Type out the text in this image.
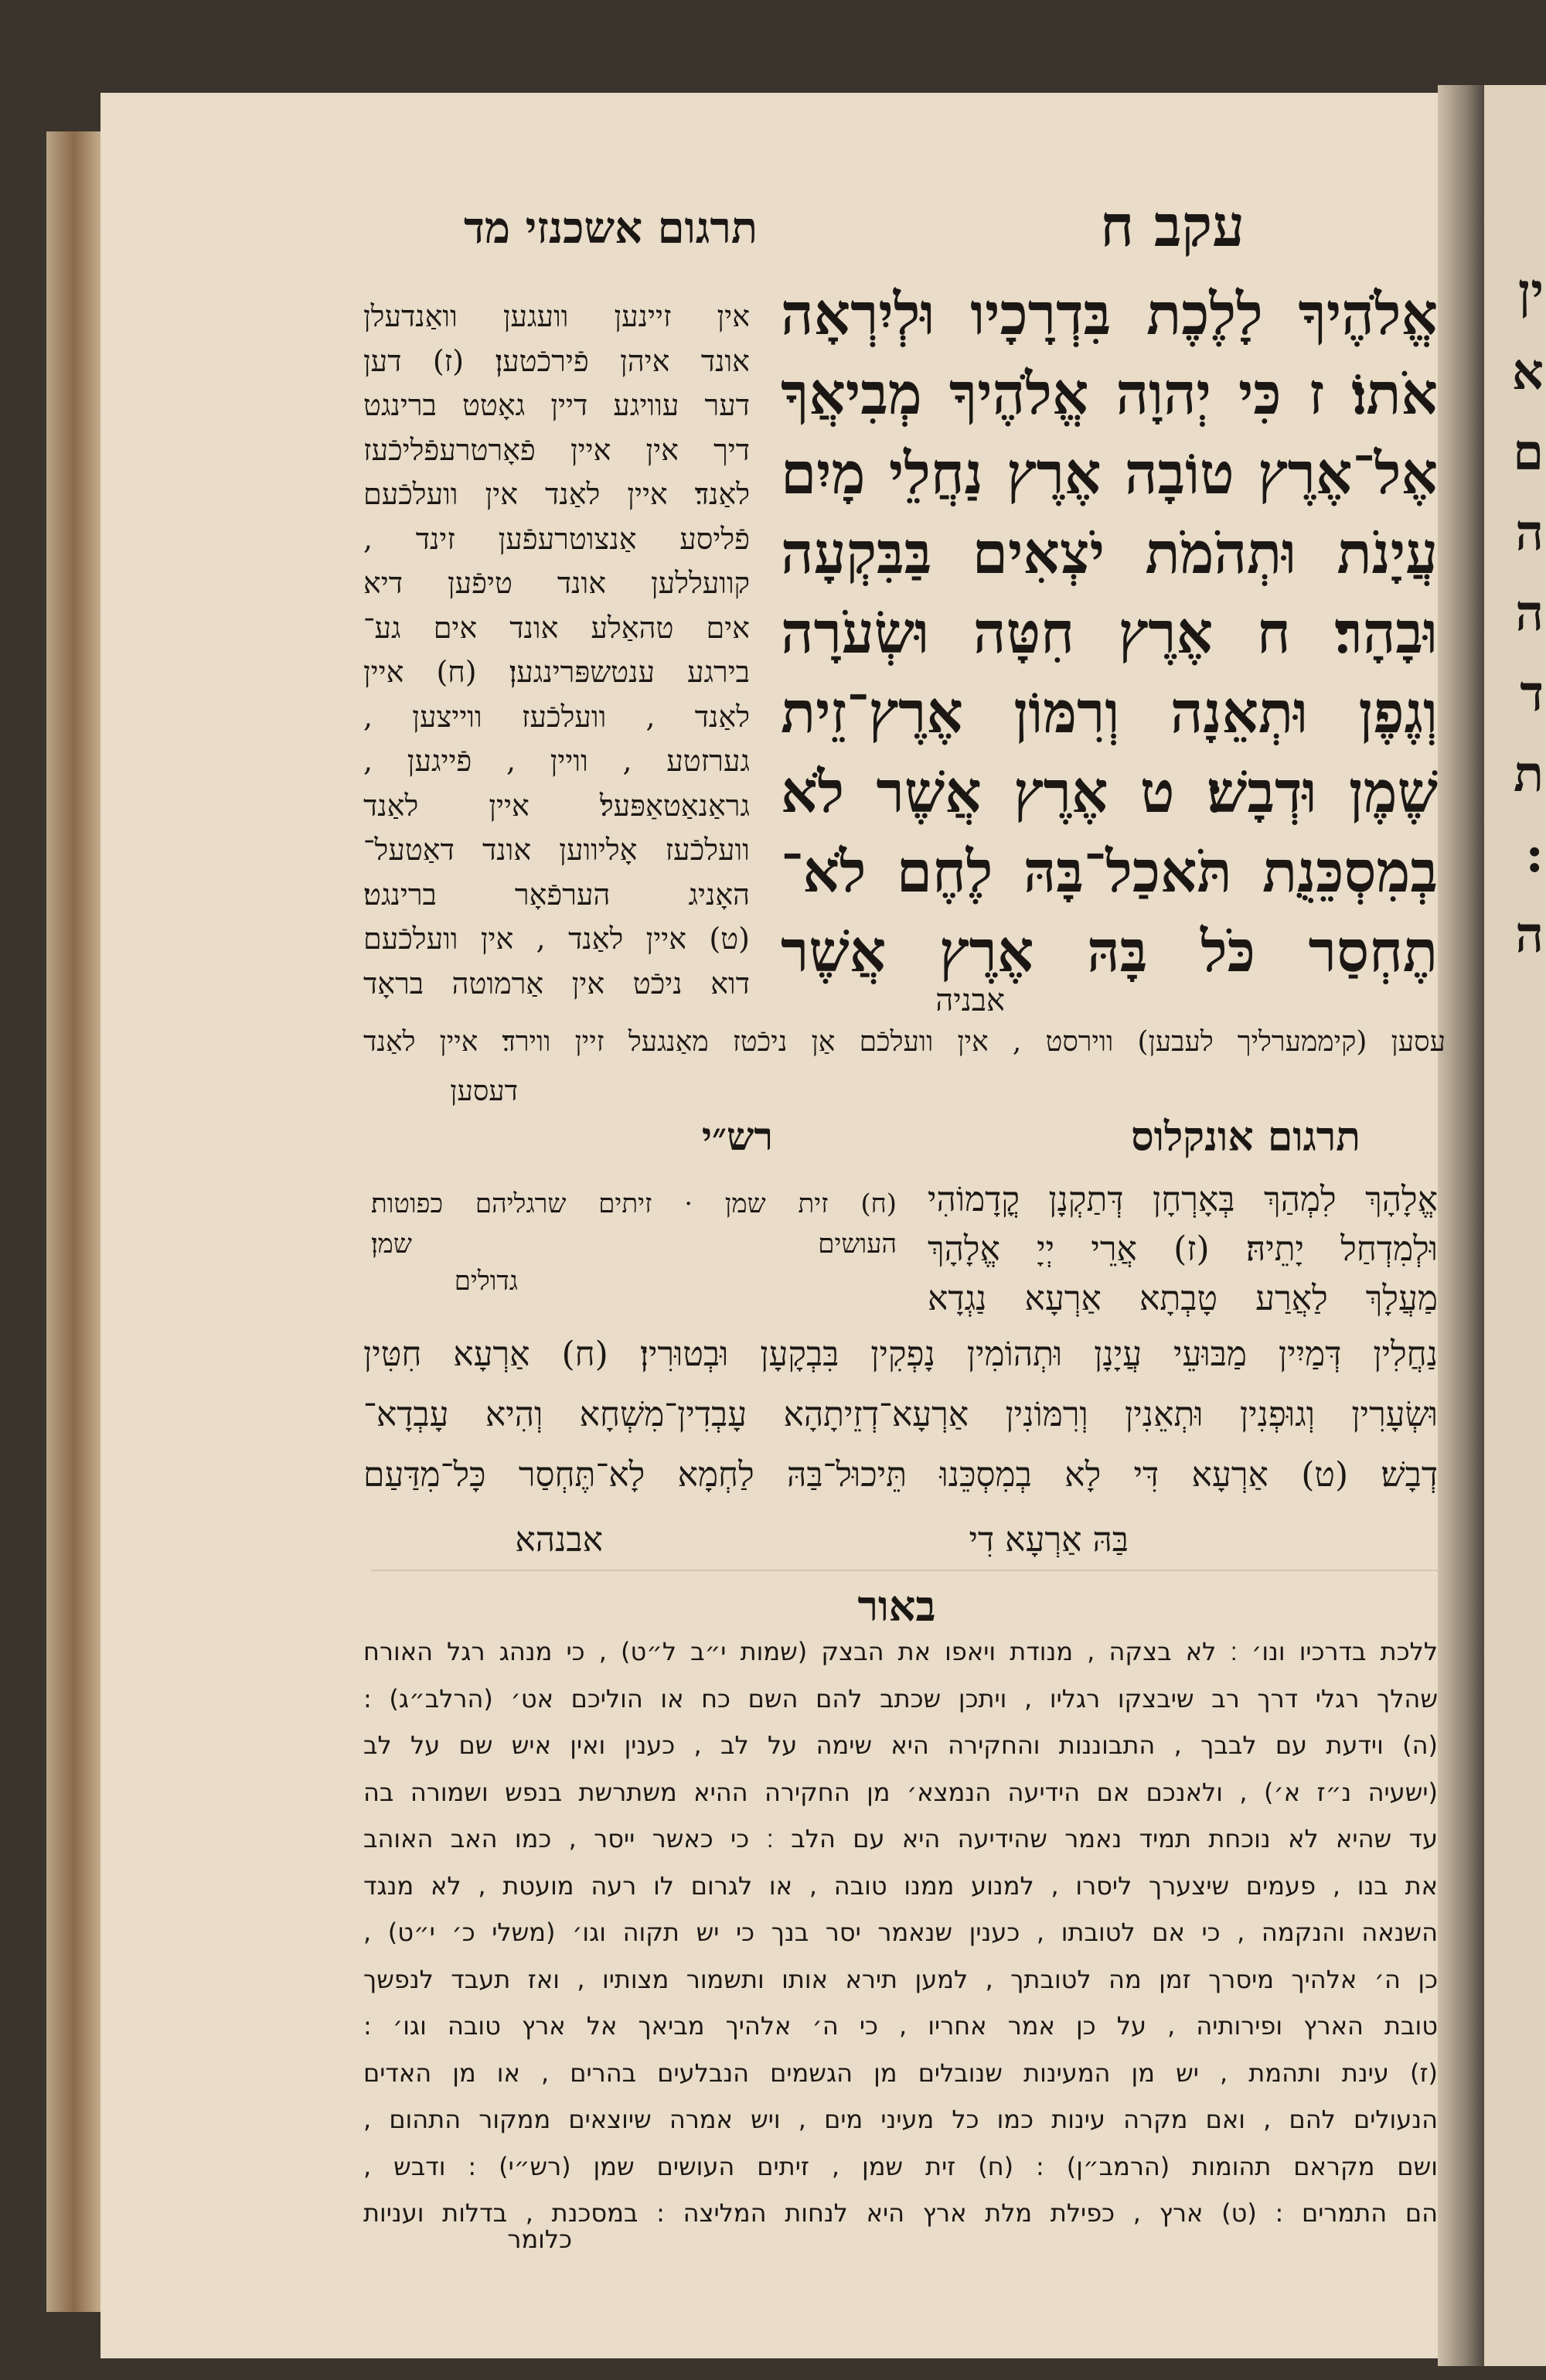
עקב ח
תרגום אשכנזי מד
אֱלֹהֶיךָ לָלֶכֶת בִּדְרָכָיו וּלְיִרְאָה
אֹתוֹ׃ ז כִּי יְהוָה אֱלֹהֶיךָ מְבִיאֲךָ
אֶל־אֶרֶץ טוֹבָה אֶרֶץ נַחֲלֵי מָיִם
עֲיָנֹת וּתְהֹמֹת יֹצְאִים בַּבִּקְעָה
וּבָהָר׃ ח אֶרֶץ חִטָּה וּשְׂעֹרָה
וְגֶפֶן וּתְאֵנָה וְרִמּוֹן אֶרֶץ־זֵית
שֶׁמֶן וּדְבָשׁ׃ ט אֶרֶץ אֲשֶׁר לֹא
בְמִסְכֵּנֻת תֹּאכַל־בָּהּ לֶחֶם לֹא־
תֶחְסַר כֹּל בָּהּ אֶרֶץ אֲשֶׁר
אבניה
אין זיינען וועגען וואַנדעלן
אונד איהן פֿירכֿטען׃ (ז) דען
דער עוויגע דיין גאָטט ברינגט
דיך אין איין פֿאָרטרעפֿליכֿעז
לאַנד׃ איין לאַנד אין וועלכֿעם
פֿליסע אַנצוטרעפֿען זינד ,
קוועללען אונד טיפֿען דיא
אים טהאַלע אונד אים גע־
בירגע ענטשפּרינגען׃ (ח) איין
לאַנד , וועלכֿעז ווייצען ,
גערזטע , וויין , פֿייגען ,
גראַנאַטאַפּעל׃ איין לאַנד
וועלכֿעז אָליווען אונד דאַטעל־
האָניג הערפֿאָר ברינגט׃
(ט) איין לאַנד , אין וועלכֿעם
דוא ניכֿט אין אַרמוטה בראָד
עסען (קיממערליך לעבען) ווירסט , אין וועלכֿם אַן ניכֿטז מאַנגעל זיין ווירד׃ איין לאַנד
דעסען
תרגום אונקלוס
אֱלָהָךְ לִמְהַךְ בְּאָרְחָן דְּתַקְנָן קֳדָמוֹהִי
וּלְמִדְחַל יָתֵיהּ׃ (ז) אֲרֵי יְיָ אֱלָהָךְ
מַעֲלָךְ לַאֲרַע טָבְתָא אַרְעָא נַגְדָא
נַחֲלִין דְּמַיִין מַבּוּעֵי עֲיָנָן וּתְהוֹמִין נָפְקִין בִּבְקָעָן וּבְטוּרִין׃ (ח) אַרְעָא חִטִּין
וּשְׂעָרִין וְגוּפְנִין וּתְאֵנִין וְרִמּוֹנִין אַרְעָא־דְזֵיתָהָא עָבְדִין־מִשְׁחָא וְהִיא עָבְדָא־
דְבָשׁ׃ (ט) אַרְעָא דִּי לָא בְמִסְכֵּנוּ תֵּיכוּל־בַּהּ לַחְמָא לָא־תֶּחְסַר כָּל־מִדַּעַם
בַּהּ אַרְעָא דִי
אבנהא
רש״י
(ח) זית שמן · זיתים שרגליהם כפוטות׃
העושים שמן׃
גדולים
באור
ללכת בדרכיו ונו׳ ׃ לא בצקה , מנודת ויאפו את הבצק (שמות י״ב ל״ט) , כי מנהג רגל האורח
שהלך רגלי דרך רב שיבצקו רגליו , ויתכן שכתב להם השם כח או הוליכם אט׳ (הרלב״ג) :
(ה) וידעת עם לבבך , התבוננות והחקירה היא שימה על לב , כענין ואין איש שם על לב
(ישעיה נ״ז א׳) , ולאנכם אם הידיעה הנמצא׳ מן החקירה ההיא משתרשת בנפש ושמורה בה
עד שהיא לא נוכחת תמיד נאמר שהידיעה היא עם הלב ׃ כי כאשר ייסר , כמו האב האוהב
את בנו , פעמים שיצערך ליסרו , למנוע ממנו טובה , או לגרום לו רעה מועטת , לא מנגד
השנאה והנקמה , כי אם לטובתו , כענין שנאמר יסר בנך כי יש תקוה וגו׳ (משלי כ׳ י״ט) ,
כן ה׳ אלהיך מיסרך זמן מה לטובתך , למען תירא אותו ותשמור מצותיו , ואז תעבד לנפשך
טובת הארץ ופירותיה , על כן אמר אחריו , כי ה׳ אלהיך מביאך אל ארץ טובה וגו׳ :
(ז) עינת ותהמת , יש מן המעינות שנובלים מן הגשמים הנבלעים בהרים , או מן האדים
הנעולים להם , ואם מקרה עינות כמו כל מעיני מים , ויש אמרה שיוצאים ממקור התהום ,
ושם מקראם תהומות (הרמב״ן) : (ח) זית שמן , זיתים העושים שמן (רש״י) : ודבש ,
הם התמרים : (ט) ארץ , כפילת מלת ארץ היא לנחות המליצה : במסכנת , בדלות ועניות
כלומר
ין
א
ם
ה
ה
ד
ת
:
ה
